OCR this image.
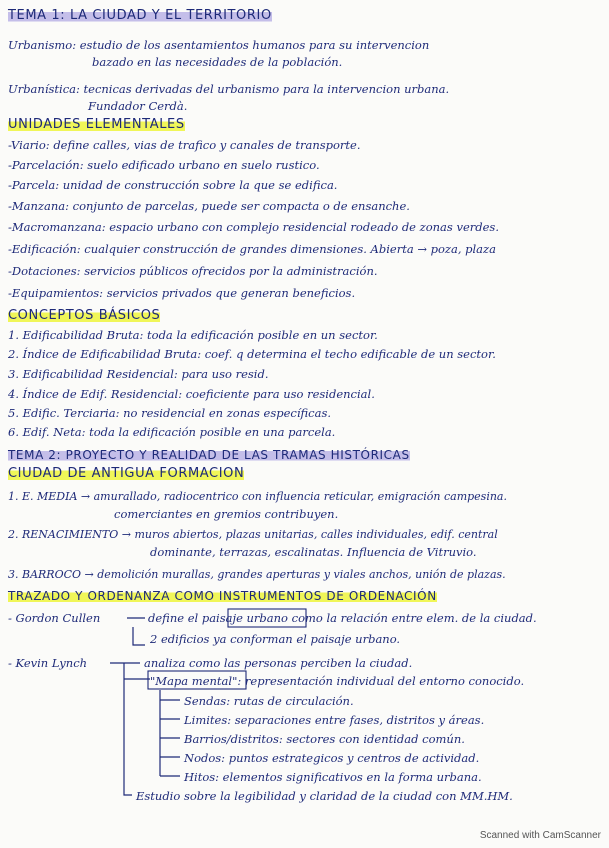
TEMA 1: LA CIUDAD Y EL TERRITORIO
Urbanismo: estudio de los asentamientos humanos para su intervencion
bazado en las necesidades de la población.
Urbanística: tecnicas derivadas del urbanismo para la intervencion urbana.
Fundador Cerdà.
UNIDADES ELEMENTALES
-Viario: define calles, vias de trafico y canales de transporte.
-Parcelación: suelo edificado urbano en suelo rustico.
-Parcela: unidad de construcción sobre la que se edifica.
-Manzana: conjunto de parcelas, puede ser compacta o de ensanche.
-Macromanzana: espacio urbano con complejo residencial rodeado de zonas verdes.
-Edificación: cualquier construcción de grandes dimensiones. Abierta → poza, plaza
-Dotaciones: servicios públicos ofrecidos por la administración.
-Equipamientos: servicios privados que generan beneficios.
CONCEPTOS BÁSICOS
1. Edificabilidad Bruta: toda la edificación posible en un sector.
2. Índice de Edificabilidad Bruta: coef. q determina el techo edificable de un sector.
3. Edificabilidad Residencial: para uso resid.
4. Índice de Edif. Residencial: coeficiente para uso residencial.
5. Edific. Terciaria: no residencial en zonas específicas.
6. Edif. Neta: toda la edificación posible en una parcela.
TEMA 2: PROYECTO Y REALIDAD DE LAS TRAMAS HISTÓRICAS
CIUDAD DE ANTIGUA FORMACION
1. E. MEDIA → amurallado, radiocentrico con influencia reticular, emigración campesina.
comerciantes en gremios contribuyen.
2. RENACIMIENTO → muros abiertos, plazas unitarias, calles individuales, edif. central
dominante, terrazas, escalinatas. Influencia de Vitruvio.
3. BARROCO → demolición murallas, grandes aperturas y viales anchos, unión de plazas.
TRAZADO Y ORDENANZA COMO INSTRUMENTOS DE ORDENACIÓN
- Gordon Cullen	define el paisaje urbano como la relación entre elem. de la ciudad.
2 edificios ya conforman el paisaje urbano.
- Kevin Lynch	analiza como las personas perciben la ciudad.
"Mapa mental": representación individual del entorno conocido.
Sendas: rutas de circulación.
Limites: separaciones entre fases, distritos y áreas.
Barrios/distritos: sectores con identidad común.
Nodos: puntos estrategicos y centros de actividad.
Hitos: elementos significativos en la forma urbana.
Estudio sobre la legibilidad y claridad de la ciudad con MM.HM.
Scanned with CamScanner
